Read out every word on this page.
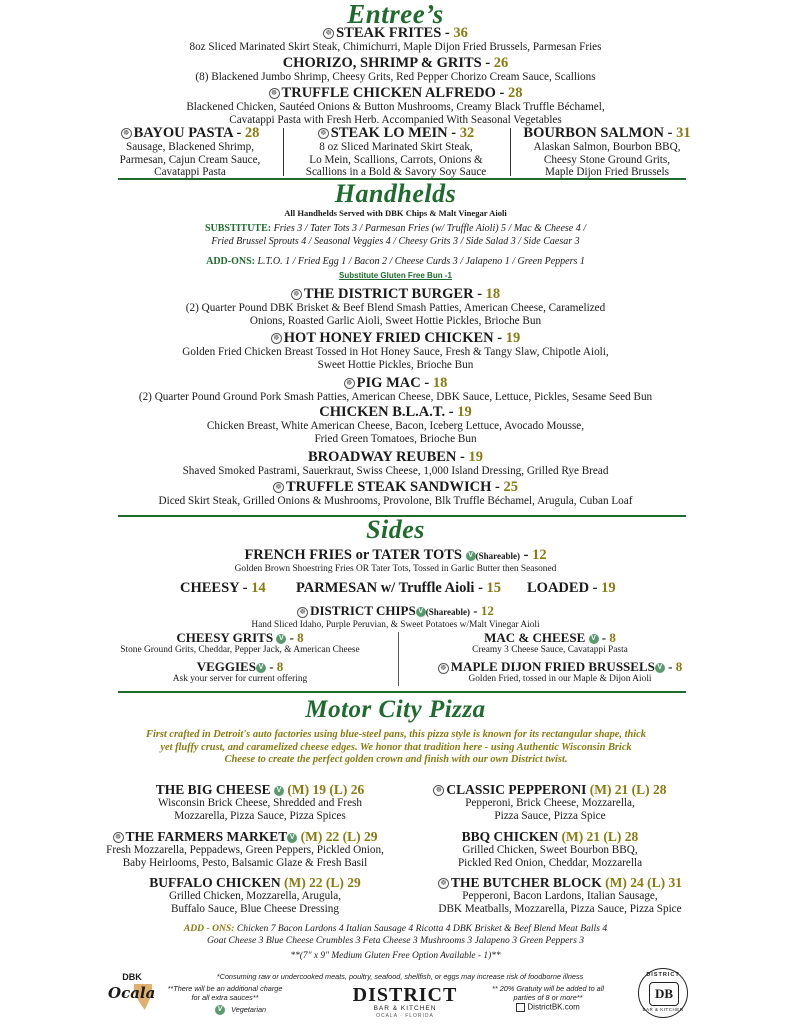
Entree’s
☸ STEAK FRITES - 36
8oz Sliced Marinated Skirt Steak, Chimichurri, Maple Dijon Fried Brussels, Parmesan Fries
CHORIZO, SHRIMP & GRITS - 26
(8) Blackened Jumbo Shrimp, Cheesy Grits, Red Pepper Chorizo Cream Sauce, Scallions
☸ TRUFFLE CHICKEN ALFREDO - 28
Blackened Chicken, Sautéed Onions & Button Mushrooms, Creamy Black Truffle Béchamel,
Cavatappi Pasta with Fresh Herb. Accompanied With Seasonal Vegetables
☸ BAYOU PASTA - 28
Sausage, Blackened Shrimp,
Parmesan, Cajun Cream Sauce,
Cavatappi Pasta
☸ STEAK LO MEIN - 32
8 oz Sliced Marinated Skirt Steak,
Lo Mein, Scallions, Carrots, Onions &
Scallions in a Bold & Savory Soy Sauce
BOURBON SALMON - 31
Alaskan Salmon, Bourbon BBQ,
Cheesy Stone Ground Grits,
Maple Dijon Fried Brussels
Handhelds
All Handhelds Served with DBK Chips & Malt Vinegar Aioli
SUBSTITUTE: Fries 3 / Tater Tots 3 / Parmesan Fries (w/ Truffle Aioli) 5 / Mac & Cheese 4 /
Fried Brussel Sprouts 4 / Seasonal Veggies 4 / Cheesy Grits 3 / Side Salad 3 / Side Caesar 3
ADD-ONS: L.T.O. 1 / Fried Egg 1 / Bacon 2 / Cheese Curds 3 / Jalapeno 1 / Green Peppers 1
Substitute Gluten Free Bun -1
☸ THE DISTRICT BURGER - 18
(2) Quarter Pound DBK Brisket & Beef Blend Smash Patties, American Cheese, Caramelized
Onions, Roasted Garlic Aioli, Sweet Hottie Pickles, Brioche Bun
☸ HOT HONEY FRIED CHICKEN - 19
Golden Fried Chicken Breast Tossed in Hot Honey Sauce, Fresh & Tangy Slaw, Chipotle Aioli,
Sweet Hottie Pickles, Brioche Bun
☸ PIG MAC - 18
(2) Quarter Pound Ground Pork Smash Patties, American Cheese, DBK Sauce, Lettuce, Pickles, Sesame Seed Bun
CHICKEN B.L.A.T. - 19
Chicken Breast, White American Cheese, Bacon, Iceberg Lettuce, Avocado Mousse,
Fried Green Tomatoes, Brioche Bun
BROADWAY REUBEN - 19
Shaved Smoked Pastrami, Sauerkraut, Swiss Cheese, 1,000 Island Dressing, Grilled Rye Bread
☸ TRUFFLE STEAK SANDWICH - 25
Diced Skirt Steak, Grilled Onions & Mushrooms, Provolone, Blk Truffle Béchamel, Arugula, Cuban Loaf
Sides
FRENCH FRIES or TATER TOTS V (Shareable) - 12
Golden Brown Shoestring Fries OR Tater Tots, Tossed in Garlic Butter then Seasoned
CHEESY - 14 PARMESAN w/ Truffle Aioli - 15 LOADED - 19
☸ DISTRICT CHIPS V (Shareable) - 12
Hand Sliced Idaho, Purple Peruvian, & Sweet Potatoes w/Malt Vinegar Aioli
CHEESY GRITS V - 8
Stone Ground Grits, Cheddar, Pepper Jack, & American Cheese
MAC & CHEESE V - 8
Creamy 3 Cheese Sauce, Cavatappi Pasta
VEGGIES V - 8
Ask your server for current offering
☸ MAPLE DIJON FRIED BRUSSELS V - 8
Golden Fried, tossed in our Maple & Dijon Aioli
Motor City Pizza
First crafted in Detroit's auto factories using blue-steel pans, this pizza style is known for its rectangular shape, thick
yet fluffy crust, and caramelized cheese edges. We honor that tradition here - using Authentic Wisconsin Brick
Cheese to create the perfect golden crown and finish with our own District twist.
THE BIG CHEESE V (M) 19 (L) 26
Wisconsin Brick Cheese, Shredded and Fresh
Mozzarella, Pizza Sauce, Pizza Spices
☸ CLASSIC PEPPERONI (M) 21 (L) 28
Pepperoni, Brick Cheese, Mozzarella,
Pizza Sauce, Pizza Spice
☸ THE FARMERS MARKET V (M) 22 (L) 29
Fresh Mozzarella, Peppadews, Green Peppers, Pickled Onion,
Baby Heirlooms, Pesto, Balsamic Glaze & Fresh Basil
BBQ CHICKEN (M) 21 (L) 28
Grilled Chicken, Sweet Bourbon BBQ,
Pickled Red Onion, Cheddar, Mozzarella
BUFFALO CHICKEN (M) 22 (L) 29
Grilled Chicken, Mozzarella, Arugula,
Buffalo Sauce, Blue Cheese Dressing
☸ THE BUTCHER BLOCK (M) 24 (L) 31
Pepperoni, Bacon Lardons, Italian Sausage,
DBK Meatballs, Mozzarella, Pizza Sauce, Pizza Spice
ADD - ONS: Chicken 7 Bacon Lardons 4 Italian Sausage 4 Ricotta 4 DBK Brisket & Beef Blend Meat Balls 4
Goat Cheese 3 Blue Cheese Crumbles 3 Feta Cheese 3 Mushrooms 3 Jalapeno 3 Green Peppers 3
**(7" x 9" Medium Gluten Free Option Available - 1)**
*Consuming raw or undercooked meats, poultry, seafood, shellfish, or eggs may increase risk of foodborne illness
DBK
Ocala	**There will be an additional charge
for all extra sauces**
V Vegetarian
DISTRICT
BAR & KITCHEN
OCALA · FLORIDA
** 20% Gratuity will be added to all
parties of 8 or more**
DistrictBK.com
DISTRICT
DB
BAR & KITCHEN
